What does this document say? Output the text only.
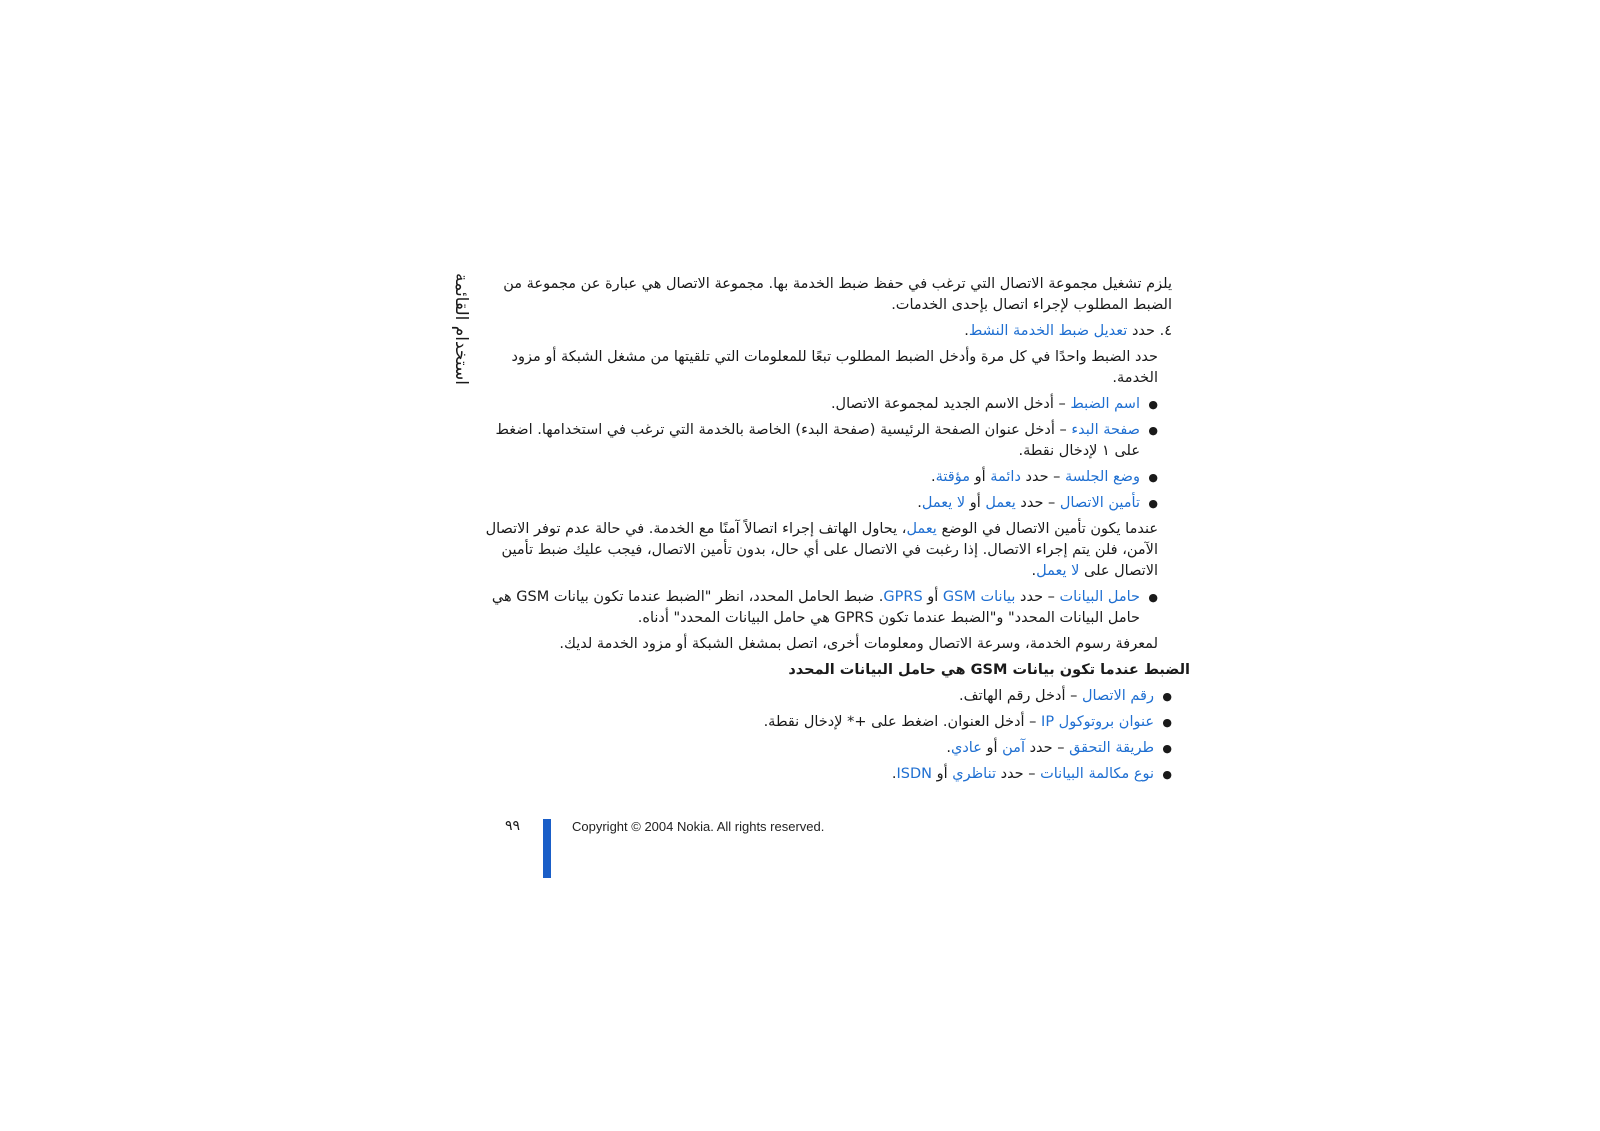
استخدام القائمة	يلزم تشغيل مجموعة الاتصال التي ترغب في حفظ ضبط الخدمة بها. مجموعة الاتصال هي عبارة عن مجموعة من الضبط المطلوب لإجراء اتصال بإحدى الخدمات.

٤. حدد تعديل ضبط الخدمة النشط.

حدد الضبط واحدًا في كل مرة وأدخل الضبط المطلوب تبعًا للمعلومات التي تلقيتها من مشغل الشبكة أو مزود الخدمة.

●
اسم الضبط – أدخل الاسم الجديد لمجموعة الاتصال.
●
صفحة البدء – أدخل عنوان الصفحة الرئيسية (صفحة البدء) الخاصة بالخدمة التي ترغب في استخدامها. اضغط على ١ لإدخال نقطة.
●
وضع الجلسة – حدد دائمة أو مؤقتة.
●
تأمين الاتصال – حدد يعمل أو لا يعمل.

عندما يكون تأمين الاتصال في الوضع يعمل، يحاول الهاتف إجراء اتصالاً آمنًا مع الخدمة. في حالة عدم توفر الاتصال الآمن، فلن يتم إجراء الاتصال. إذا رغبت في الاتصال على أي حال، بدون تأمين الاتصال، فيجب عليك ضبط تأمين الاتصال على لا يعمل.

●
حامل البيانات – حدد بيانات GSM أو GPRS. ضبط الحامل المحدد، انظر "الضبط عندما تكون بيانات GSM هي حامل البيانات المحدد" و"الضبط عندما تكون GPRS هي حامل البيانات المحدد" أدناه.

لمعرفة رسوم الخدمة، وسرعة الاتصال ومعلومات أخرى، اتصل بمشغل الشبكة أو مزود الخدمة لديك.

الضبط عندما تكون بيانات GSM هي حامل البيانات المحدد

●
رقم الاتصال – أدخل رقم الهاتف.
●
عنوان بروتوكول IP – أدخل العنوان. اضغط على +* لإدخال نقطة.
●
طريقة التحقق – حدد آمن أو عادي.
●
نوع مكالمة البيانات – حدد تناظري أو ISDN.
٩٩	Copyright © 2004 Nokia. All rights reserved.
